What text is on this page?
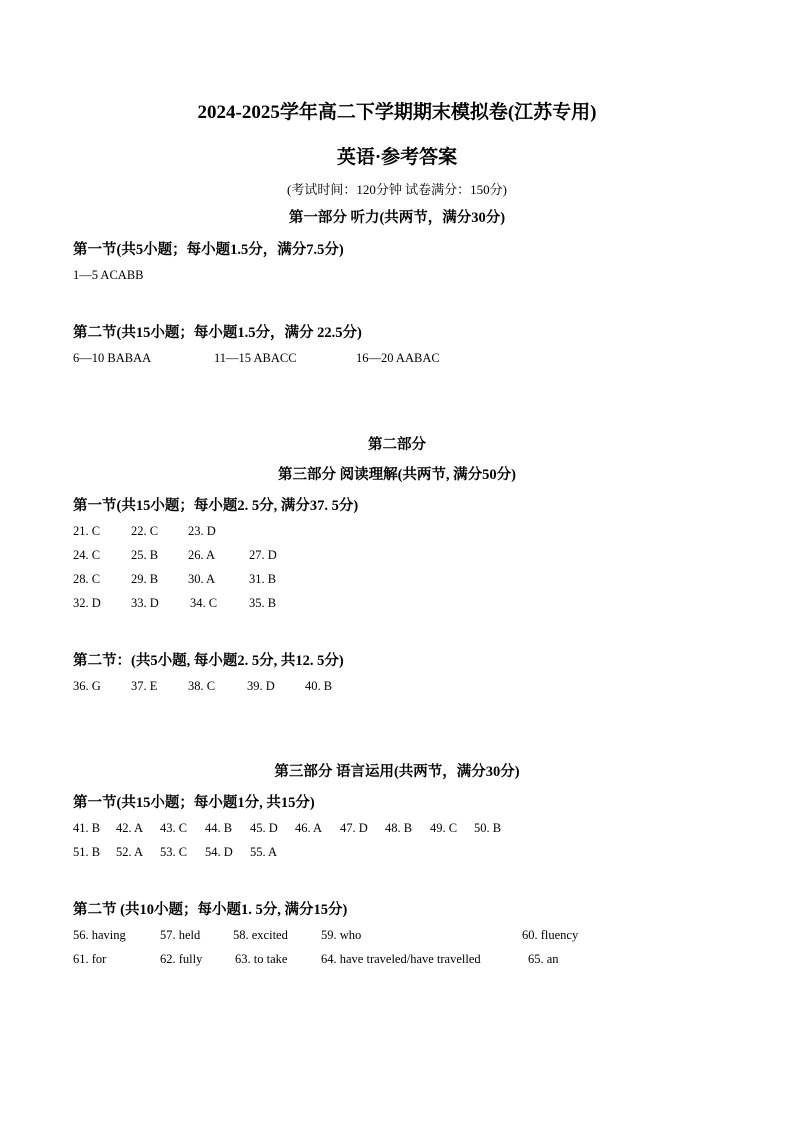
2024-2025学年高二下学期期末模拟卷(江苏专用)
英语·参考答案
(考试时间：120分钟 试卷满分：150分)
第一部分 听力(共两节，满分30分)
第一节(共5小题；每小题1.5分，满分7.5分)
1—5 ACABB
第二节(共15小题；每小题1.5分，满分 22.5分)
6—10 BABAA	11—15 ABACC	16—20 AABAC
第二部分
第三部分 阅读理解(共两节, 满分50分)
第一节(共15小题；每小题2. 5分, 满分37. 5分)
21. C 22. C 23. D
24. C 25. B 26. A	27. D
28. C 29. B 30. A	31. B
32. D 33. D 34. C	35. B
第二节：(共5小题, 每小题2. 5分, 共12. 5分)
36. G 37. E 38. C	39. D 40. B
第三部分 语言运用(共两节，满分30分)
第一节(共15小题；每小题1分, 共15分)
41. B 42. A 43. C 44. B 45. D 46. A 47. D 48. B 49. C 50. B
51. B 52. A 53. C 54. D 55. A
第二节 (共10小题；每小题1. 5分, 满分15分)
56. having	57. held	58. excited	59. who	60. fluency
61. for	62. fully	63. to take	64. have traveled/have travelled	65. an
